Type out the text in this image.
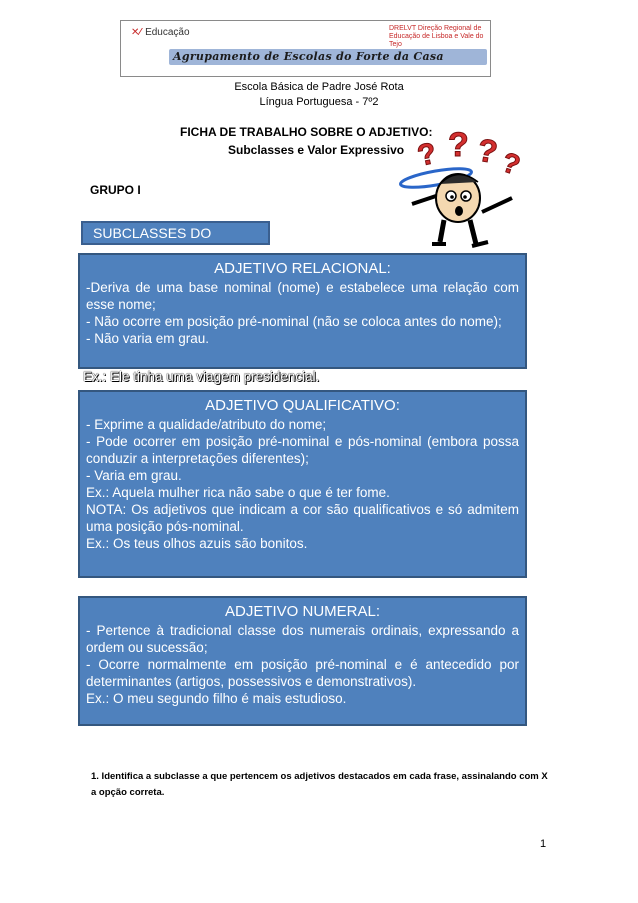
✕⁄ Educação	DRELVT Direção Regional de Educação de Lisboa e Vale do Tejo
Agrupamento de Escolas do Forte da Casa
Escola Básica de Padre José Rota
Língua Portuguesa - 7º2
FICHA DE TRABALHO SOBRE O ADJETIVO:
Subclasses e Valor Expressivo
GRUPO I
? ? ?
?
SUBCLASSES DO
ADJETIVO RELACIONAL:

-Deriva de uma base nominal (nome) e estabelece uma relação com esse nome;

- Não ocorre em posição pré-nominal (não se coloca antes do nome);

- Não varia em grau.

Ex.: Ele tinha uma viagem presidencial.
ADJETIVO QUALIFICATIVO:

- Exprime a qualidade/atributo do nome;

- Pode ocorrer em posição pré-nominal e pós-nominal (embora possa conduzir a interpretações diferentes);

- Varia em grau.

Ex.: Aquela mulher rica não sabe o que é ter fome.

NOTA: Os adjetivos que indicam a cor são qualificativos e só admitem uma posição pós-nominal.

Ex.: Os teus olhos azuis são bonitos.

ADJETIVO NUMERAL:

- Pertence à tradicional classe dos numerais ordinais, expressando a ordem ou sucessão;

- Ocorre normalmente em posição pré-nominal e é antecedido por determinantes (artigos, possessivos e demonstrativos).

Ex.: O meu segundo filho é mais estudioso.

1. Identifica a subclasse a que pertencem os adjetivos destacados em cada frase, assinalando com X a opção correta.
1
